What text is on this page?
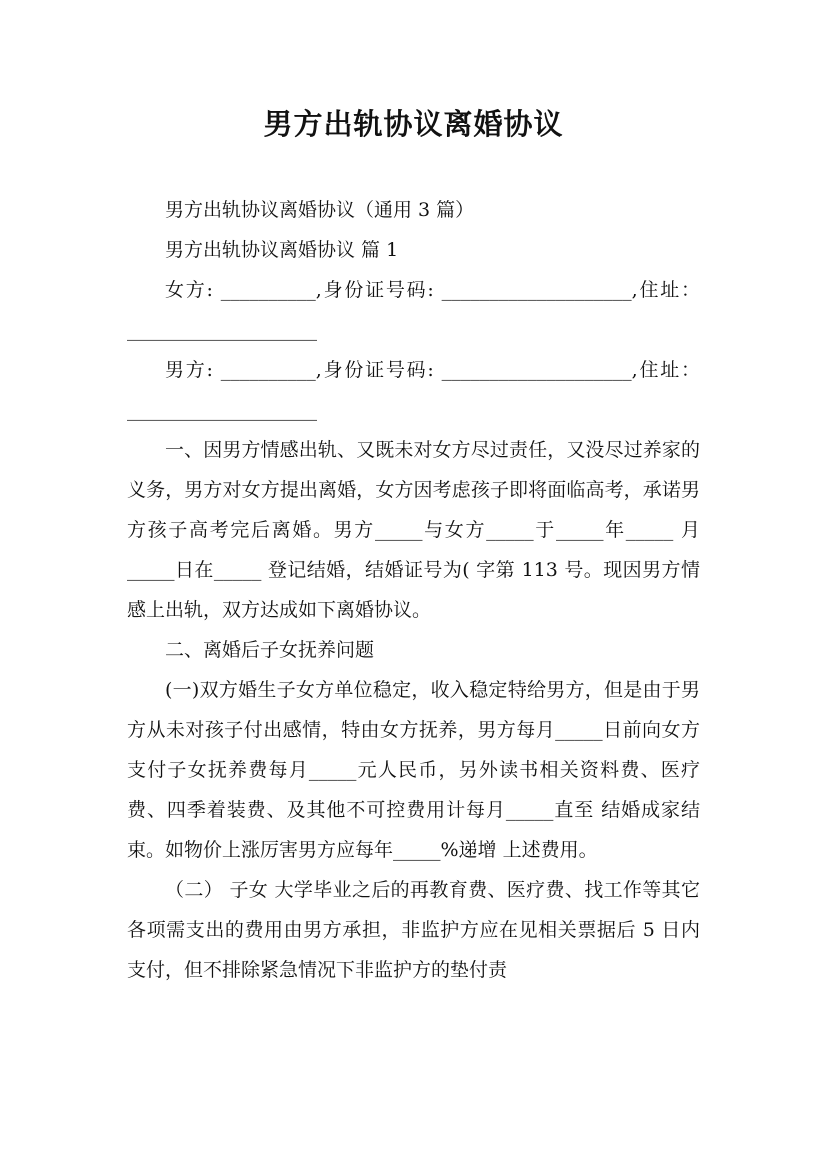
男方出轨协议离婚协议

男方出轨协议离婚协议（通用 3 篇）

男方出轨协议离婚协议 篇 1

女方: __________,身份证号码: ____________________,住址：____________________

男方: __________,身份证号码: ____________________,住址：____________________

一、因男方情感出轨、又既未对女方尽过责任，又没尽过养家的义务，男方对女方提出离婚，女方因考虑孩子即将面临高考，承诺男方孩子高考完后离婚。男方_____与女方_____于_____年_____ 月_____日在_____ 登记结婚，结婚证号为( 字第 113 号。现因男方情感上出轨，双方达成如下离婚协议。

二、离婚后子女抚养问题

(一)双方婚生子女方单位稳定，收入稳定特给男方，但是由于男方从未对孩子付出感情，特由女方抚养，男方每月_____日前向女方支付子女抚养费每月_____元人民币，另外读书相关资料费、医疗费、四季着装费、及其他不可控费用计每月_____直至 结婚成家结束。如物价上涨厉害男方应每年_____%递增 上述费用。

（二） 子女 大学毕业之后的再教育费、医疗费、找工作等其它各项需支出的费用由男方承担，非监护方应在见相关票据后 5 日内支付，但不排除紧急情况下非监护方的垫付责
